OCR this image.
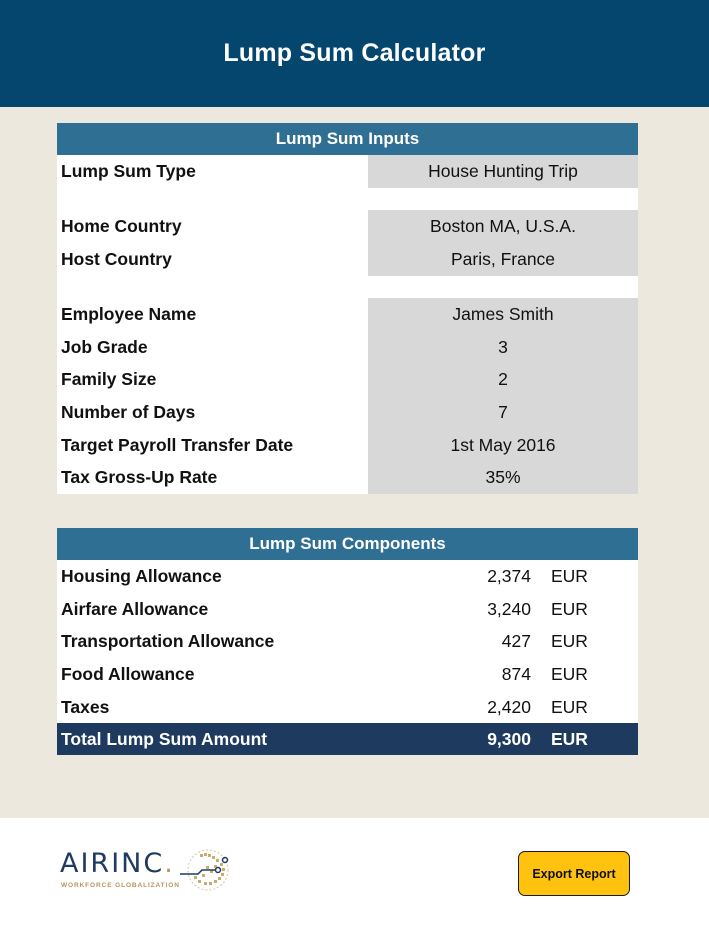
Lump Sum Calculator
Lump Sum Inputs
Lump Sum Type	House Hunting Trip
Home Country	Boston MA, U.S.A.
Host Country	Paris, France
Employee Name	James Smith
Job Grade	3
Family Size	2
Number of Days	7
Target Payroll Transfer Date	1st May 2016
Tax Gross-Up Rate	35%
Lump Sum Components
Housing Allowance	2,374	EUR
Airfare Allowance	3,240	EUR
Transportation Allowance	427	EUR
Food Allowance	874	EUR
Taxes	2,420	EUR
Total Lump Sum Amount	9,300	EUR
AIRINC.
WORKFORCE GLOBALIZATION
Export Report
